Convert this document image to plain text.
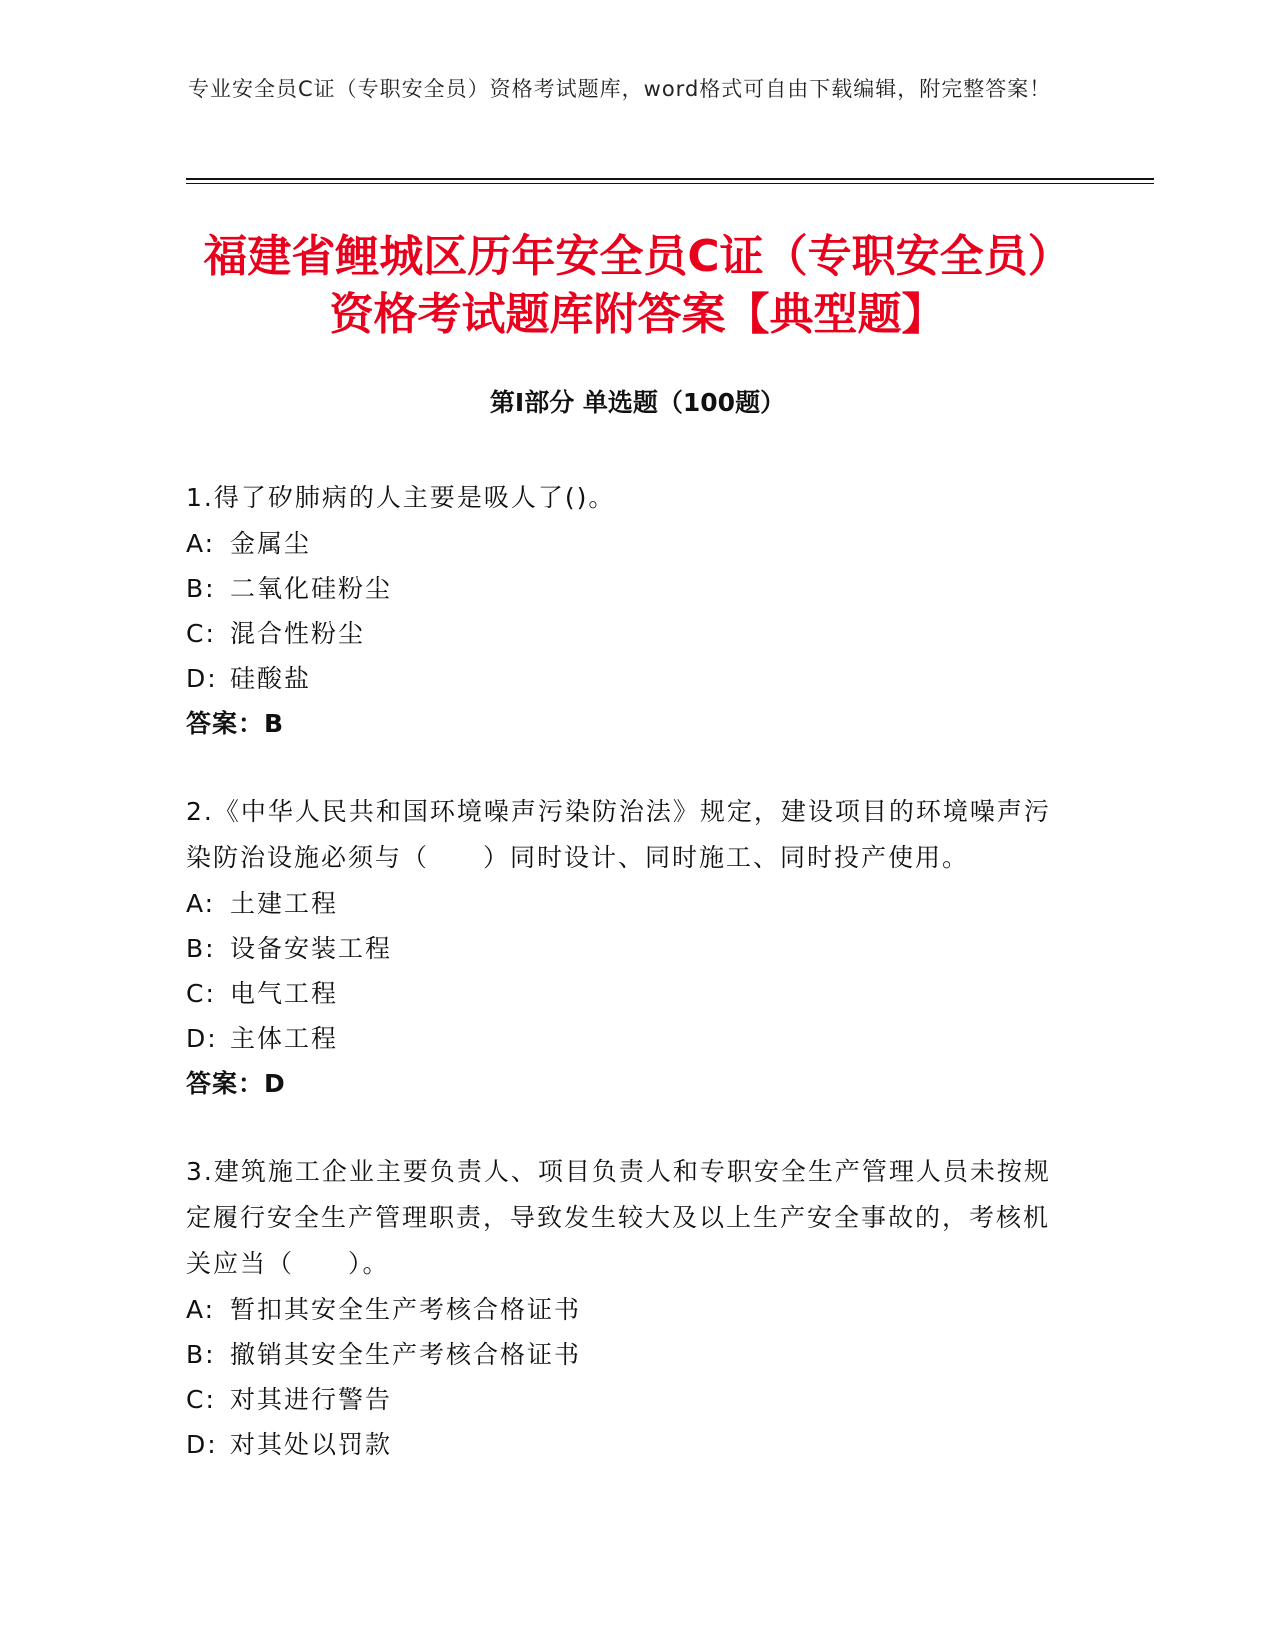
专业安全员C证（专职安全员）资格考试题库，word格式可自由下载编辑，附完整答案！
福建省鲤城区历年安全员C证（专职安全员）资格考试题库附答案【典型题】
第Ⅰ部分 单选题（100题）
1.得了矽肺病的人主要是吸人了()。
A: 金属尘
B: 二氧化硅粉尘
C: 混合性粉尘
D: 硅酸盐
答案：B
2.《中华人民共和国环境噪声污染防治法》规定，建设项目的环境噪声污染防治设施必须与（　　）同时设计、同时施工、同时投产使用。
A: 土建工程
B: 设备安装工程
C: 电气工程
D: 主体工程
答案：D
3.建筑施工企业主要负责人、项目负责人和专职安全生产管理人员未按规定履行安全生产管理职责，导致发生较大及以上生产安全事故的，考核机关应当（　　）。
A: 暂扣其安全生产考核合格证书
B: 撤销其安全生产考核合格证书
C: 对其进行警告
D: 对其处以罚款
